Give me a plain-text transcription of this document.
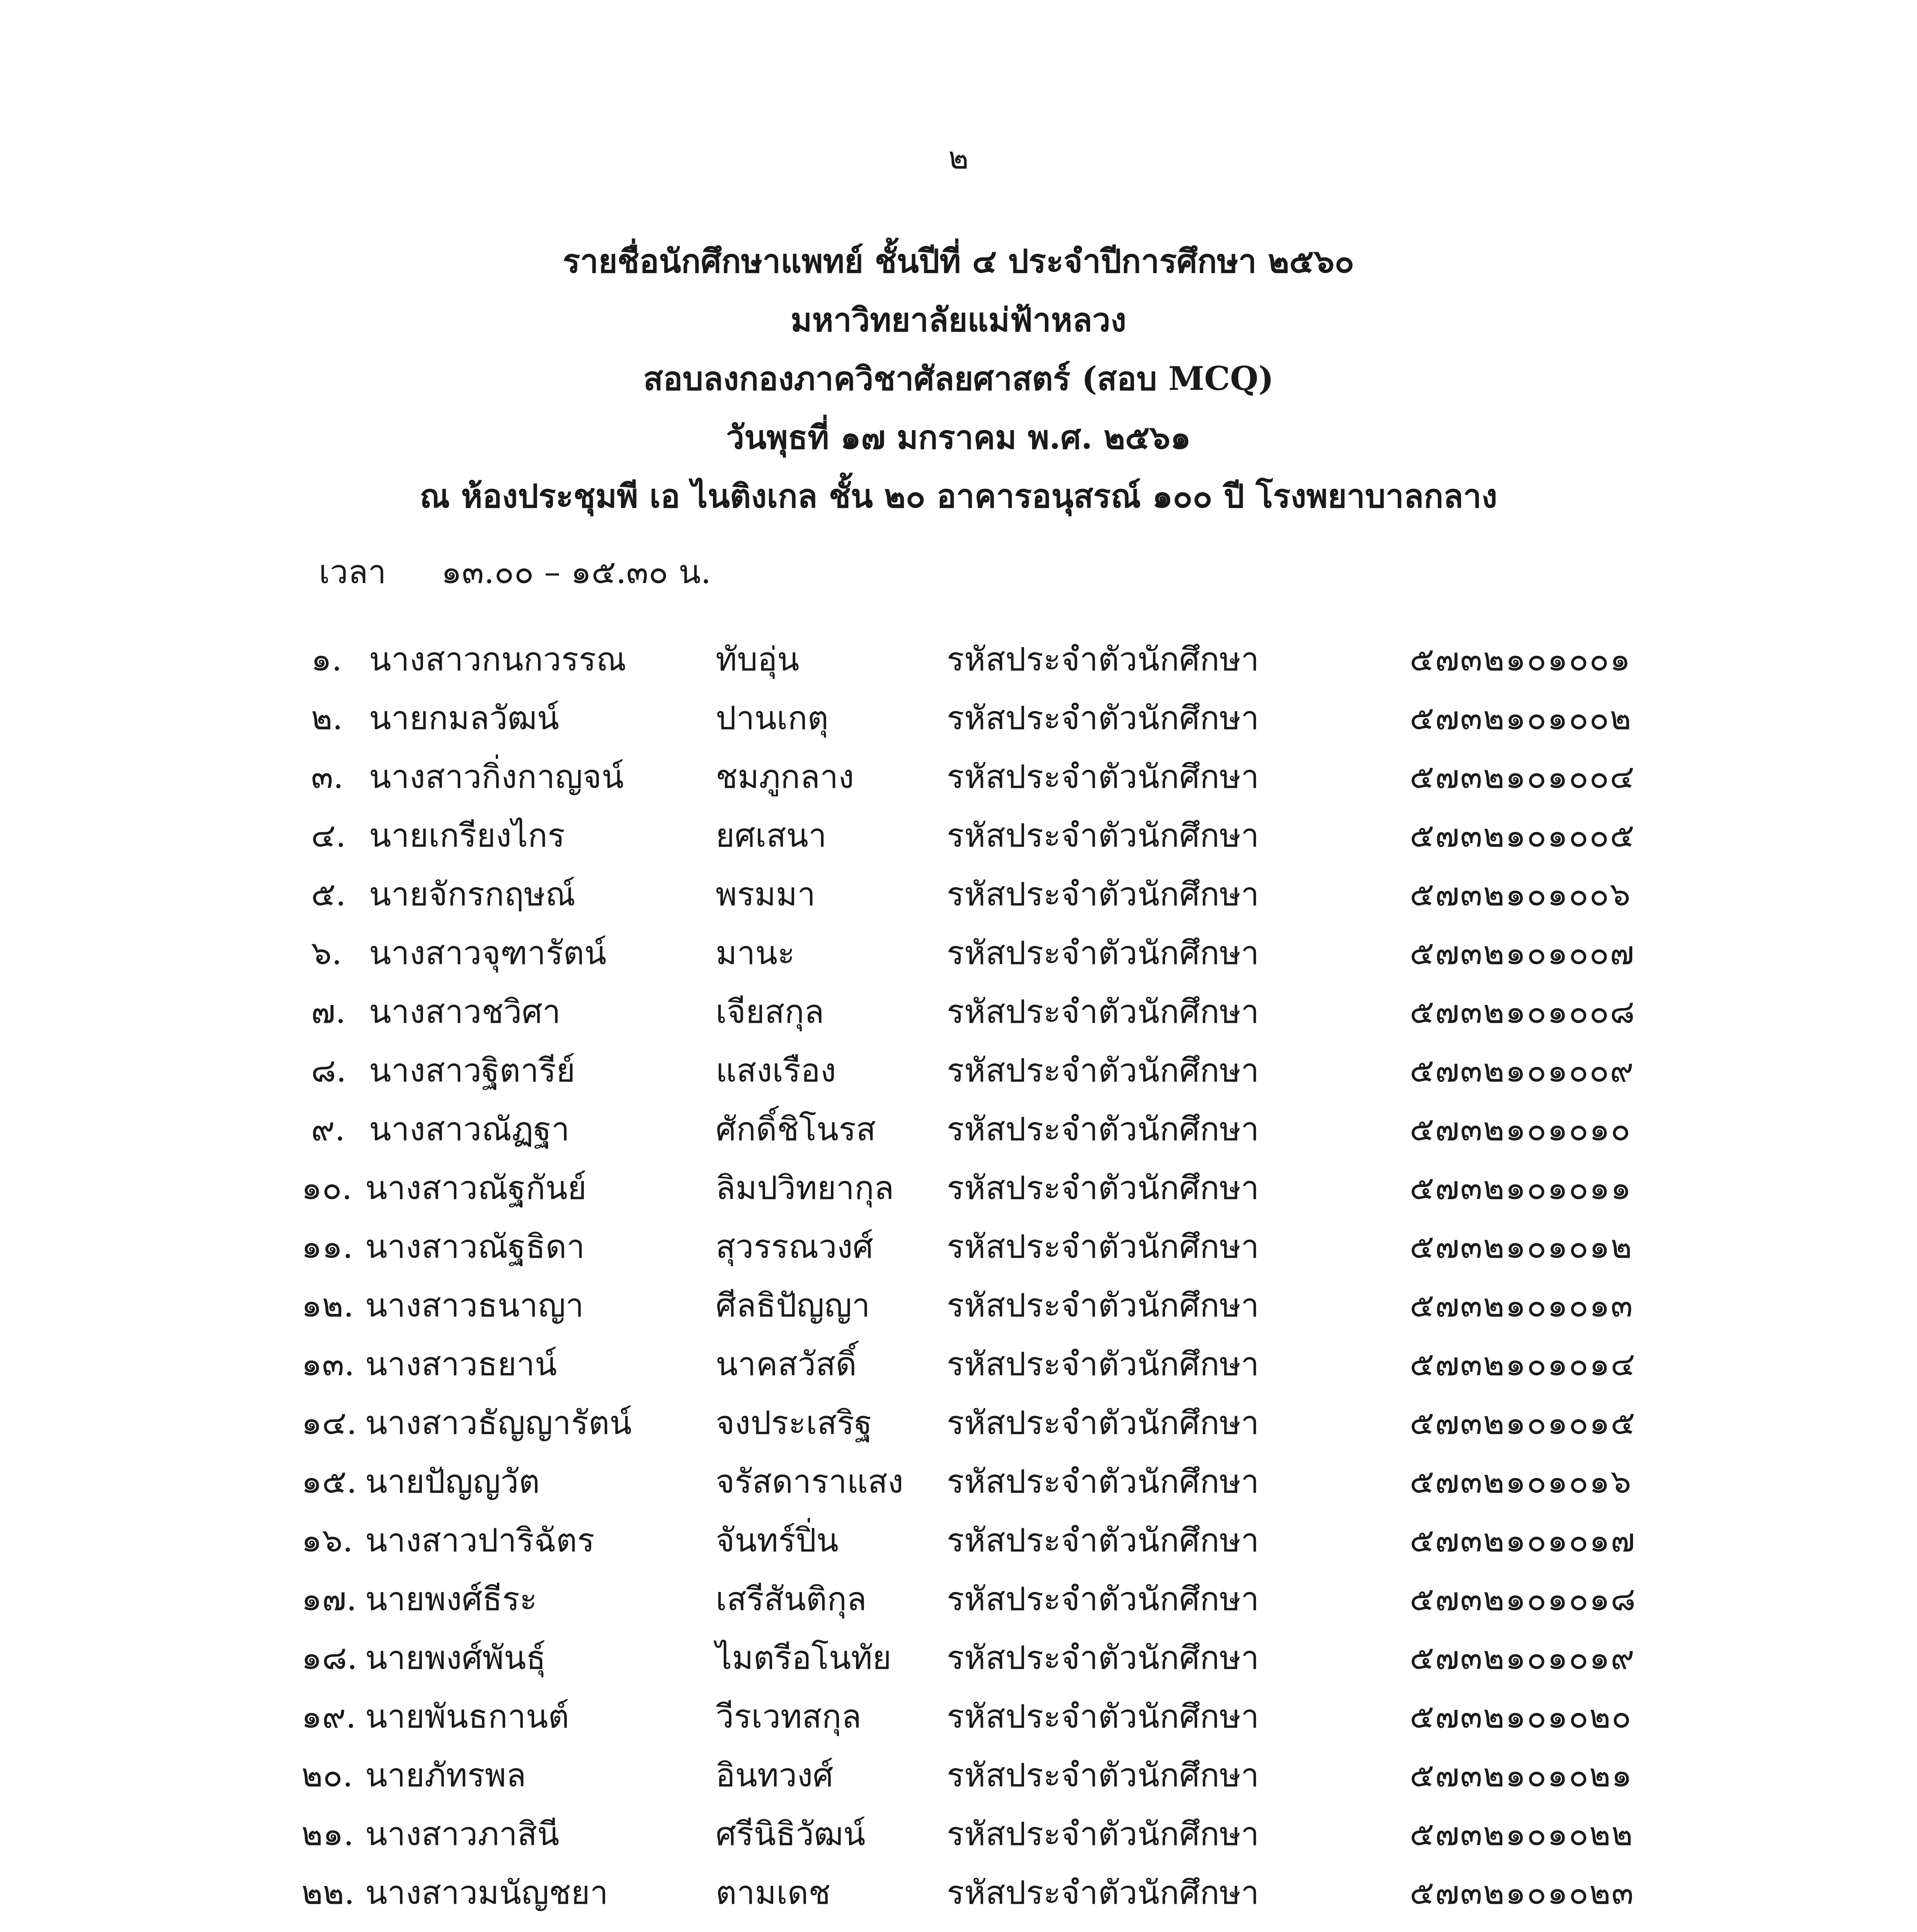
๒
รายชื่อนักศึกษาแพทย์ ชั้นปีที่ ๔ ประจำปีการศึกษา ๒๕๖๐
มหาวิทยาลัยแม่ฟ้าหลวง
สอบลงกองภาควิชาศัลยศาสตร์ (สอบ MCQ)
วันพุธที่ ๑๗ มกราคม พ.ศ. ๒๕๖๑
ณ ห้องประชุมพี เอ ไนติงเกล ชั้น ๒๐ อาคารอนุสรณ์ ๑๐๐ ปี โรงพยาบาลกลาง
เวลา ๑๓.๐๐ – ๑๕.๓๐ น.
๑. นางสาวกนกวรรณ	ทับอุ่น	รหัสประจำตัวนักศึกษา	๕๗๓๒๑๐๑๐๐๑
๒. นายกมลวัฒน์	ปานเกตุ	รหัสประจำตัวนักศึกษา	๕๗๓๒๑๐๑๐๐๒
๓. นางสาวกิ่งกาญจน์	ชมภูกลาง	รหัสประจำตัวนักศึกษา	๕๗๓๒๑๐๑๐๐๔
๔. นายเกรียงไกร	ยศเสนา	รหัสประจำตัวนักศึกษา	๕๗๓๒๑๐๑๐๐๕
๕. นายจักรกฤษณ์	พรมมา	รหัสประจำตัวนักศึกษา	๕๗๓๒๑๐๑๐๐๖
๖. นางสาวจุฑารัตน์	มานะ	รหัสประจำตัวนักศึกษา	๕๗๓๒๑๐๑๐๐๗
๗. นางสาวชวิศา	เจียสกุล	รหัสประจำตัวนักศึกษา	๕๗๓๒๑๐๑๐๐๘
๘. นางสาวฐิตารีย์	แสงเรือง	รหัสประจำตัวนักศึกษา	๕๗๓๒๑๐๑๐๐๙
๙. นางสาวณัฏฐา	ศักดิ์ชิโนรส รหัสประจำตัวนักศึกษา	๕๗๓๒๑๐๑๐๑๐
๑๐. นางสาวณัฐกันย์	ลิมปวิทยากุล รหัสประจำตัวนักศึกษา	๕๗๓๒๑๐๑๐๑๑
๑๑. นางสาวณัฐธิดา	สุวรรณวงศ์ รหัสประจำตัวนักศึกษา	๕๗๓๒๑๐๑๐๑๒
๑๒. นางสาวธนาญา	ศีลธิปัญญา รหัสประจำตัวนักศึกษา	๕๗๓๒๑๐๑๐๑๓
๑๓. นางสาวธยาน์	นาคสวัสดิ์	รหัสประจำตัวนักศึกษา	๕๗๓๒๑๐๑๐๑๔
๑๔. นางสาวธัญญารัตน์	จงประเสริฐ รหัสประจำตัวนักศึกษา	๕๗๓๒๑๐๑๐๑๕
๑๕. นายปัญญวัต	จรัสดาราแสง รหัสประจำตัวนักศึกษา	๕๗๓๒๑๐๑๐๑๖
๑๖. นางสาวปาริฉัตร	จันทร์ปิ่น	รหัสประจำตัวนักศึกษา	๕๗๓๒๑๐๑๐๑๗
๑๗. นายพงศ์ธีระ	เสรีสันติกุล รหัสประจำตัวนักศึกษา	๕๗๓๒๑๐๑๐๑๘
๑๘. นายพงศ์พันธุ์	ไมตรีอโนทัย รหัสประจำตัวนักศึกษา	๕๗๓๒๑๐๑๐๑๙
๑๙. นายพันธกานต์	วีรเวทสกุล	รหัสประจำตัวนักศึกษา	๕๗๓๒๑๐๑๐๒๐
๒๐. นายภัทรพล	อินทวงศ์	รหัสประจำตัวนักศึกษา	๕๗๓๒๑๐๑๐๒๑
๒๑. นางสาวภาสินี	ศรีนิธิวัฒน์	รหัสประจำตัวนักศึกษา	๕๗๓๒๑๐๑๐๒๒
๒๒. นางสาวมนัญชยา	ตามเดช	รหัสประจำตัวนักศึกษา	๕๗๓๒๑๐๑๐๒๓
